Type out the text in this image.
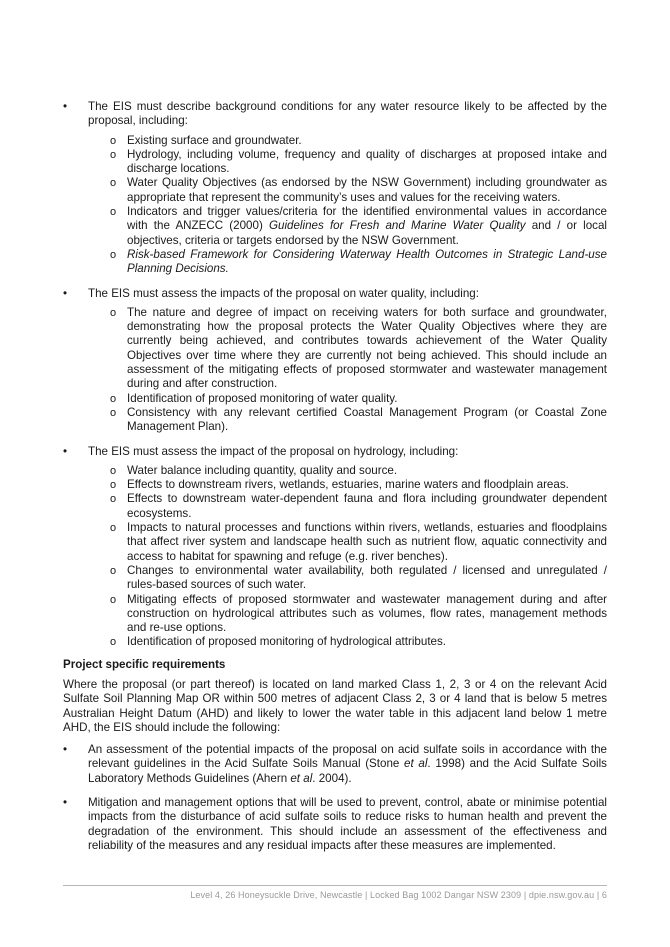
•	The EIS must describe background conditions for any water resource likely to be affected by the proposal, including:
o Existing surface and groundwater.
o Hydrology, including volume, frequency and quality of discharges at proposed intake and discharge locations.
o Water Quality Objectives (as endorsed by the NSW Government) including groundwater as appropriate that represent the community’s uses and values for the receiving waters.
o Indicators and trigger values/criteria for the identified environmental values in accordance with the ANZECC (2000) Guidelines for Fresh and Marine Water Quality and / or local objectives, criteria or targets endorsed by the NSW Government.
o Risk-based Framework for Considering Waterway Health Outcomes in Strategic Land-use Planning Decisions.
•	The EIS must assess the impacts of the proposal on water quality, including:
o The nature and degree of impact on receiving waters for both surface and groundwater, demonstrating how the proposal protects the Water Quality Objectives where they are currently being achieved, and contributes towards achievement of the Water Quality Objectives over time where they are currently not being achieved. This should include an assessment of the mitigating effects of proposed stormwater and wastewater management during and after construction.
o Identification of proposed monitoring of water quality.
o Consistency with any relevant certified Coastal Management Program (or Coastal Zone Management Plan).
•	The EIS must assess the impact of the proposal on hydrology, including:
o Water balance including quantity, quality and source.
o Effects to downstream rivers, wetlands, estuaries, marine waters and floodplain areas.
o Effects to downstream water-dependent fauna and flora including groundwater dependent ecosystems.
o Impacts to natural processes and functions within rivers, wetlands, estuaries and floodplains that affect river system and landscape health such as nutrient flow, aquatic connectivity and access to habitat for spawning and refuge (e.g. river benches).
o Changes to environmental water availability, both regulated / licensed and unregulated / rules-based sources of such water.
o Mitigating effects of proposed stormwater and wastewater management during and after construction on hydrological attributes such as volumes, flow rates, management methods and re-use options.
o Identification of proposed monitoring of hydrological attributes.
Project specific requirements
Where the proposal (or part thereof) is located on land marked Class 1, 2, 3 or 4 on the relevant Acid Sulfate Soil Planning Map OR within 500 metres of adjacent Class 2, 3 or 4 land that is below 5 metres Australian Height Datum (AHD) and likely to lower the water table in this adjacent land below 1 metre AHD, the EIS should include the following:
•	An assessment of the potential impacts of the proposal on acid sulfate soils in accordance with the relevant guidelines in the Acid Sulfate Soils Manual (Stone et al. 1998) and the Acid Sulfate Soils Laboratory Methods Guidelines (Ahern et al. 2004).
•	Mitigation and management options that will be used to prevent, control, abate or minimise potential impacts from the disturbance of acid sulfate soils to reduce risks to human health and prevent the degradation of the environment. This should include an assessment of the effectiveness and reliability of the measures and any residual impacts after these measures are implemented.
Level 4, 26 Honeysuckle Drive, Newcastle | Locked Bag 1002 Dangar NSW 2309 | dpie.nsw.gov.au | 6
